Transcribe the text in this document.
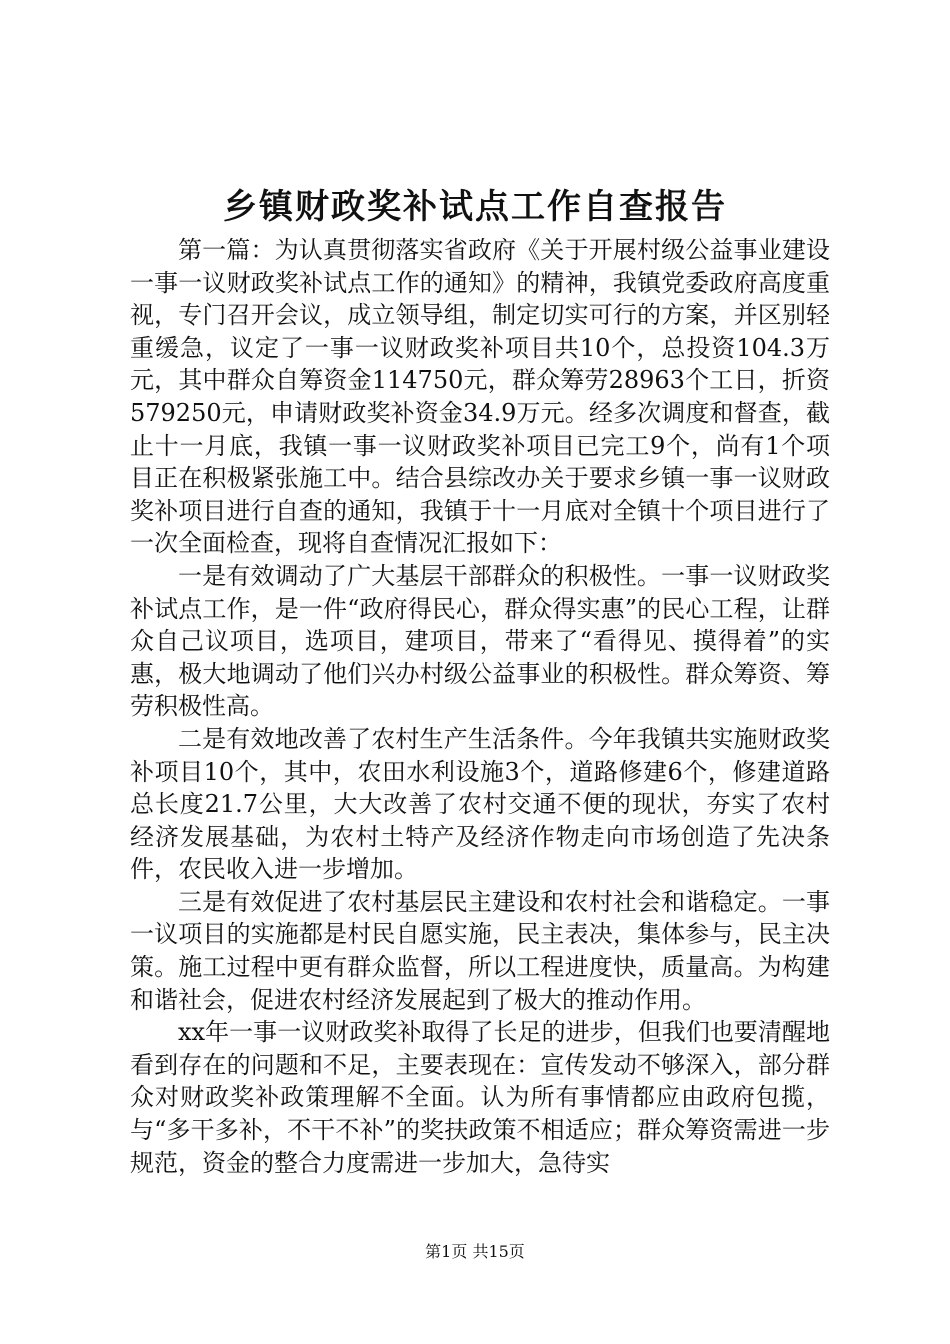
乡镇财政奖补试点工作自查报告

第一篇：为认真贯彻落实省政府《关于开展村级公益事业建设一事一议财政奖补试点工作的通知》的精神，我镇党委政府高度重视，专门召开会议，成立领导组，制定切实可行的方案，并区别轻重缓急，议定了一事一议财政奖补项目共10个，总投资104.3万元，其中群众自筹资金114750元，群众筹劳28963个工日，折资579250元，申请财政奖补资金34.9万元。经多次调度和督查，截止十一月底，我镇一事一议财政奖补项目已完工9个，尚有1个项目正在积极紧张施工中。结合县综改办关于要求乡镇一事一议财政奖补项目进行自查的通知，我镇于十一月底对全镇十个项目进行了一次全面检查，现将自查情况汇报如下：

一是有效调动了广大基层干部群众的积极性。一事一议财政奖补试点工作，是一件“政府得民心，群众得实惠”的民心工程，让群众自己议项目，选项目，建项目，带来了“看得见、摸得着”的实惠，极大地调动了他们兴办村级公益事业的积极性。群众筹资、筹劳积极性高。

二是有效地改善了农村生产生活条件。今年我镇共实施财政奖补项目10个，其中，农田水利设施3个，道路修建6个，修建道路总长度21.7公里，大大改善了农村交通不便的现状，夯实了农村经济发展基础，为农村土特产及经济作物走向市场创造了先决条件，农民收入进一步增加。

三是有效促进了农村基层民主建设和农村社会和谐稳定。一事一议项目的实施都是村民自愿实施，民主表决，集体参与，民主决策。施工过程中更有群众监督，所以工程进度快，质量高。为构建和谐社会，促进农村经济发展起到了极大的推动作用。

xx年一事一议财政奖补取得了长足的进步，但我们也要清醒地看到存在的问题和不足，主要表现在：宣传发动不够深入，部分群众对财政奖补政策理解不全面。认为所有事情都应由政府包揽，与“多干多补，不干不补”的奖扶政策不相适应；群众筹资需进一步规范，资金的整合力度需进一步加大，急待实

第1页 共15页
